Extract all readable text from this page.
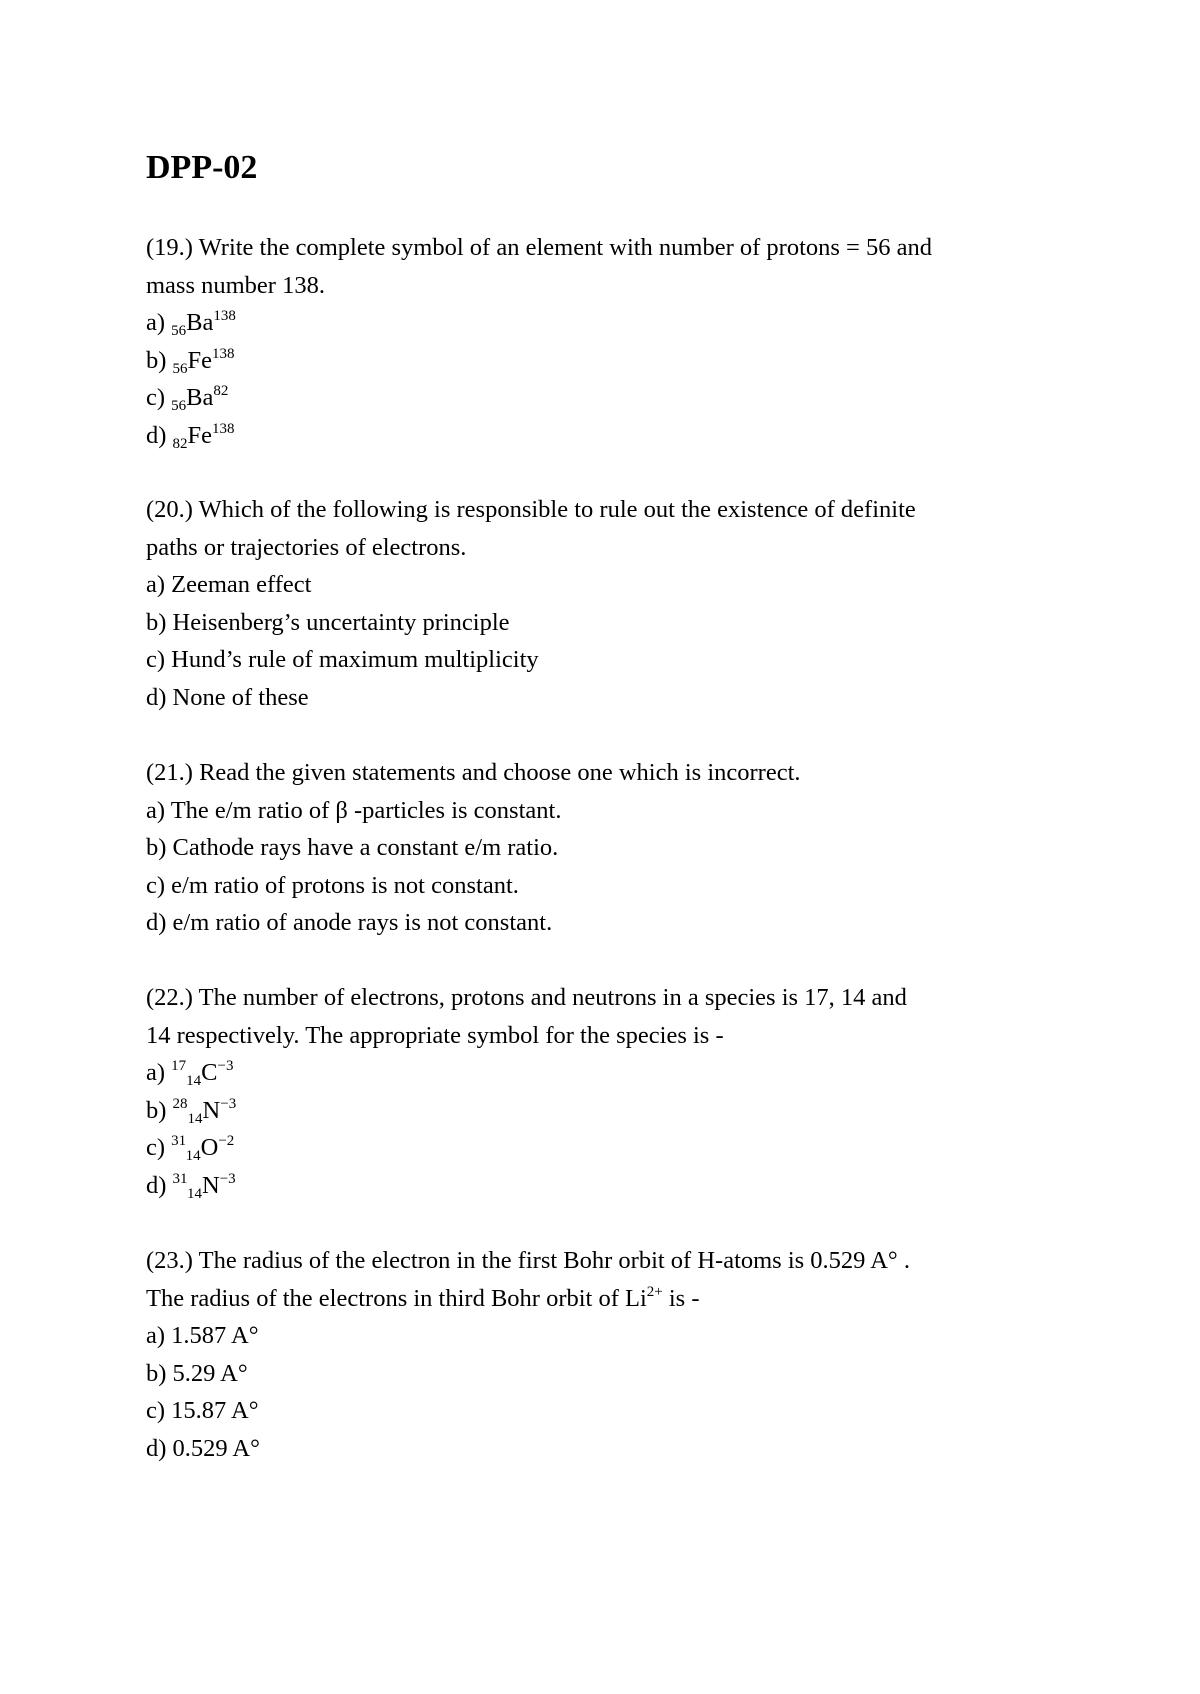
DPP-02
(19.) Write the complete symbol of an element with number of protons = 56 and
mass number 138.
a) $_{56}Ba^{138}$
b) $_{56}Fe^{138}$
c) $_{56}Ba^{82}$
d) $_{82}Fe^{138}$
(20.) Which of the following is responsible to rule out the existence of definite
paths or trajectories of electrons.
a) Zeeman effect
b) Heisenberg’s uncertainty principle
c) Hund’s rule of maximum multiplicity
d) None of these
(21.) Read the given statements and choose one which is incorrect.
a) The e/m ratio of β -particles is constant.
b) Cathode rays have a constant e/m ratio.
c) e/m ratio of protons is not constant.
d) e/m ratio of anode rays is not constant.
(22.) The number of electrons, protons and neutrons in a species is 17, 14 and
14 respectively. The appropriate symbol for the species is -
a) $^{17}_{14}C^{-3}$
b) $^{28}_{14}N^{-3}$
c) $^{31}_{14}O^{-2}$
d) $^{31}_{14}N^{-3}$
(23.) The radius of the electron in the first Bohr orbit of H-atoms is 0.529 A° .
The radius of the electrons in third Bohr orbit of $Li^{2+}$ is -
a) 1.587 A°
b) 5.29 A°
c) 15.87 A°
d) 0.529 A°
